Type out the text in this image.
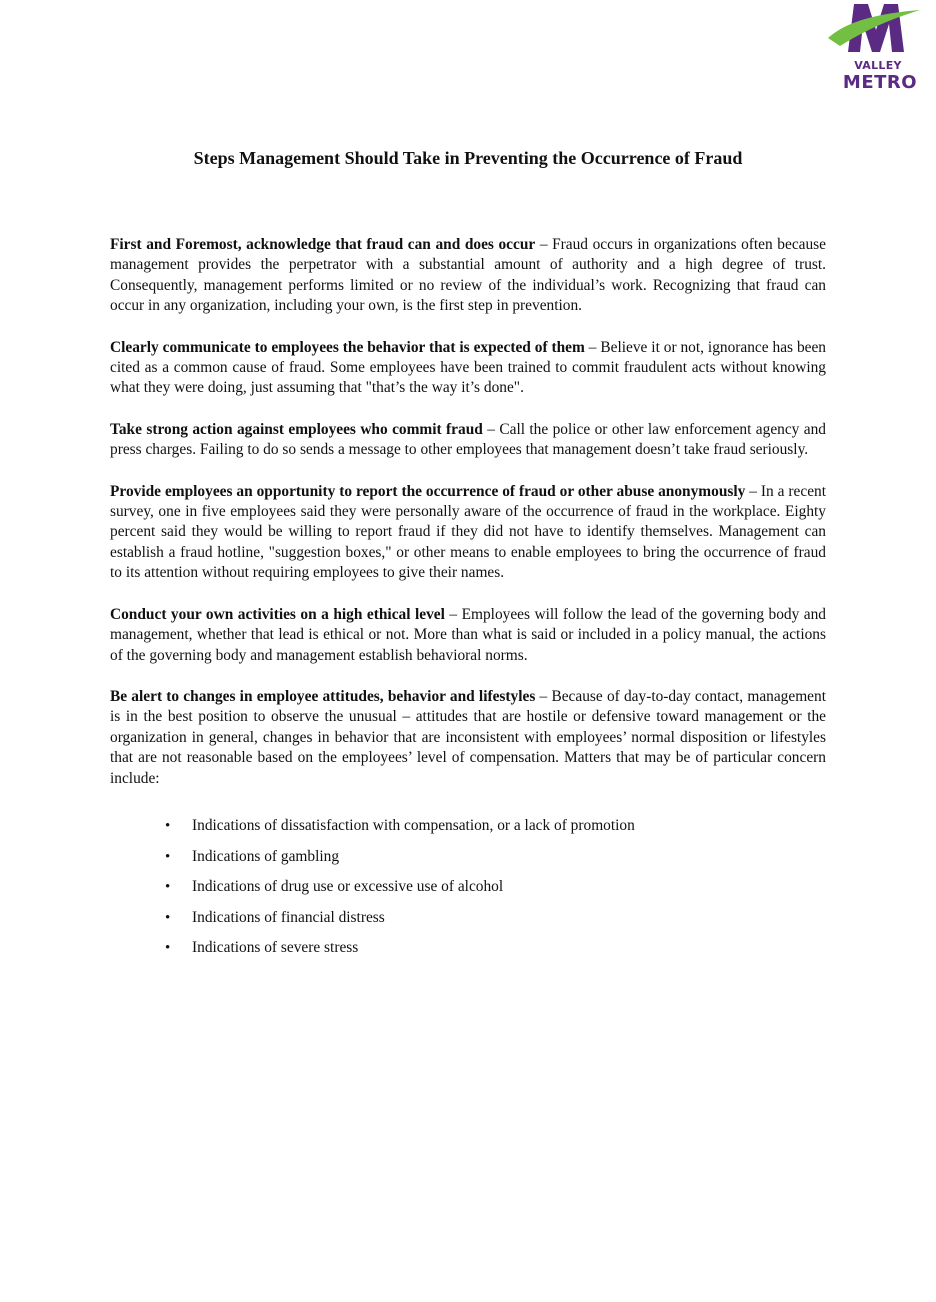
VALLEY
METRO
Steps Management Should Take in Preventing the Occurrence of Fraud

First and Foremost, acknowledge that fraud can and does occur – Fraud occurs in organizations often because management provides the perpetrator with a substantial amount of authority and a high degree of trust. Consequently, management performs limited or no review of the individual’s work. Recognizing that fraud can occur in any organization, including your own, is the first step in prevention.

Clearly communicate to employees the behavior that is expected of them – Believe it or not, ignorance has been cited as a common cause of fraud. Some employees have been trained to commit fraudulent acts without knowing what they were doing, just assuming that "that’s the way it’s done".

Take strong action against employees who commit fraud – Call the police or other law enforcement agency and press charges. Failing to do so sends a message to other employees that management doesn’t take fraud seriously.

Provide employees an opportunity to report the occurrence of fraud or other abuse anonymously – In a recent survey, one in five employees said they were personally aware of the occurrence of fraud in the workplace. Eighty percent said they would be willing to report fraud if they did not have to identify themselves. Management can establish a fraud hotline, "suggestion boxes," or other means to enable employees to bring the occurrence of fraud to its attention without requiring employees to give their names.

Conduct your own activities on a high ethical level – Employees will follow the lead of the governing body and management, whether that lead is ethical or not. More than what is said or included in a policy manual, the actions of the governing body and management establish behavioral norms.

Be alert to changes in employee attitudes, behavior and lifestyles – Because of day-to-day contact, management is in the best position to observe the unusual – attitudes that are hostile or defensive toward management or the organization in general, changes in behavior that are inconsistent with employees’ normal disposition or lifestyles that are not reasonable based on the employees’ level of compensation. Matters that may be of particular concern include:

• Indications of dissatisfaction with compensation, or a lack of promotion
• Indications of gambling
• Indications of drug use or excessive use of alcohol
• Indications of financial distress
• Indications of severe stress
